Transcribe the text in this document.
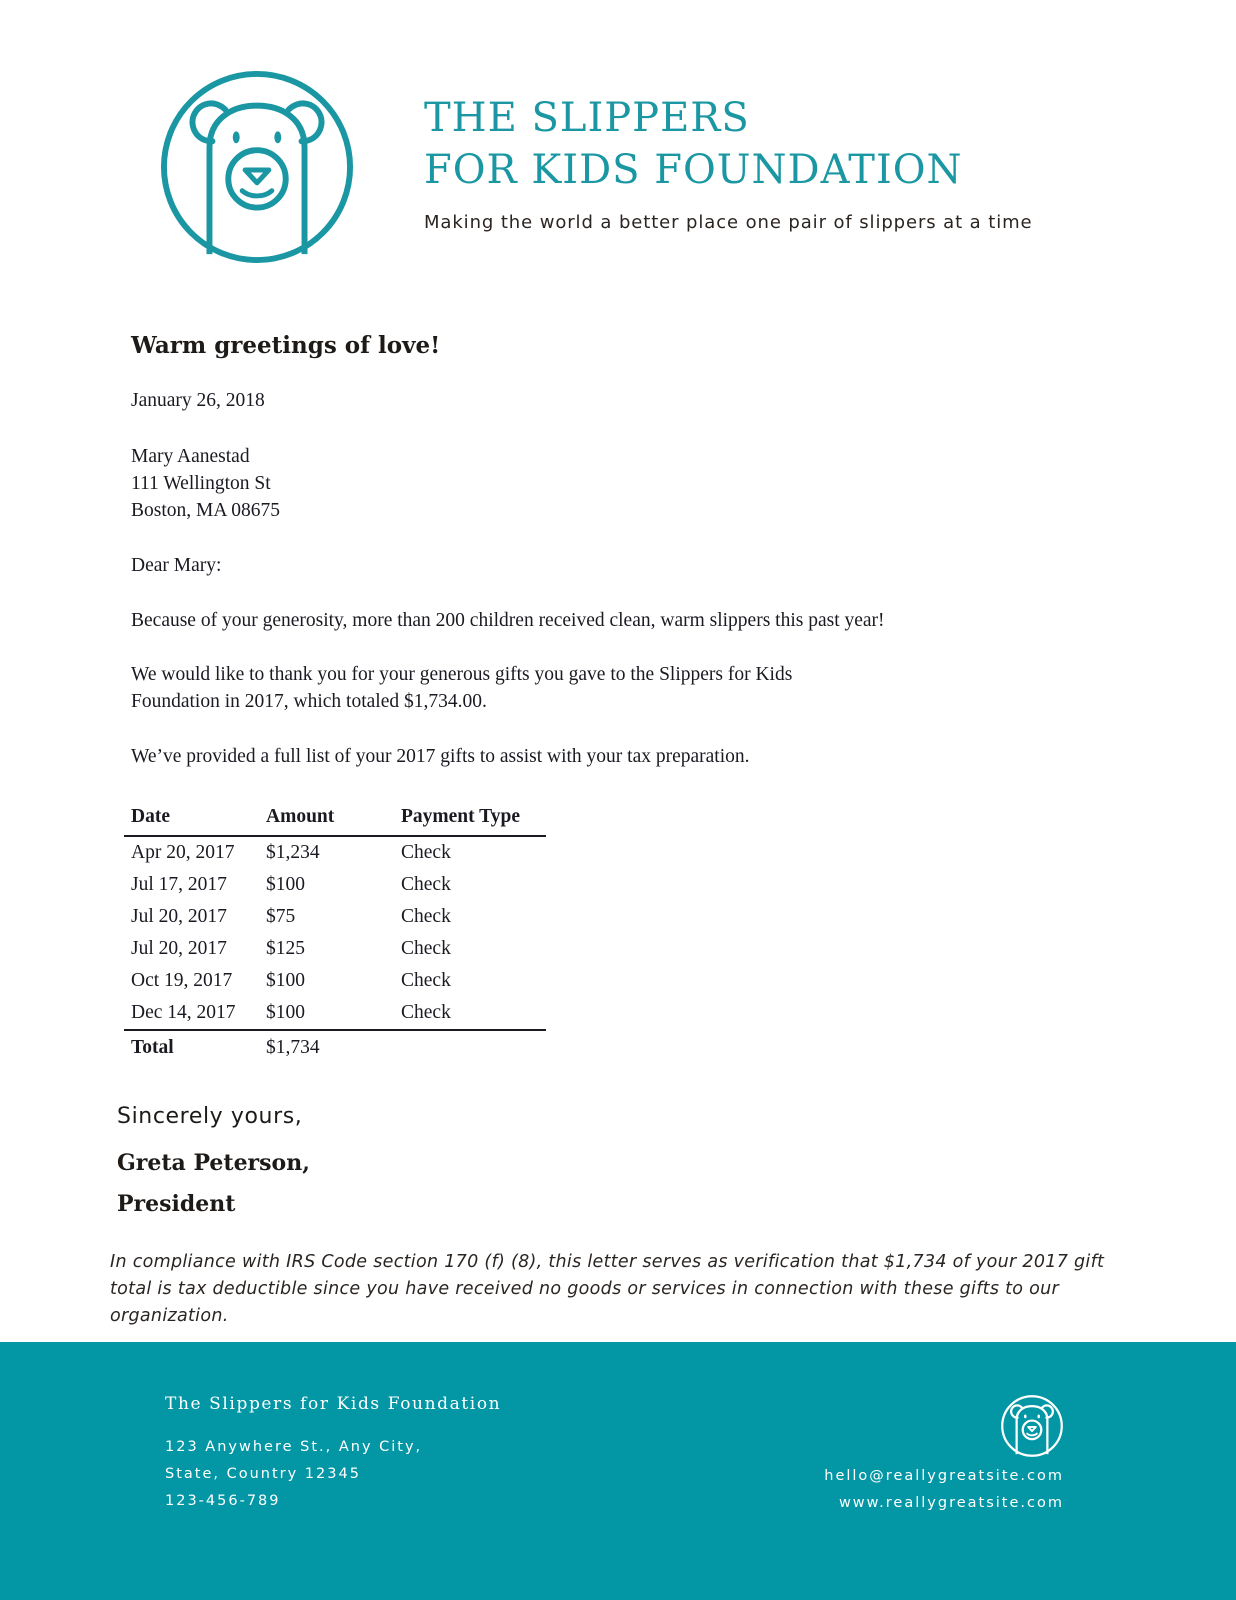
THE SLIPPERS
FOR KIDS FOUNDATION
Making the world a better place one pair of slippers at a time
Warm greetings of love!
January 26, 2018
Mary Aanestad
111 Wellington St
Boston, MA 08675
Dear Mary:
Because of your generosity, more than 200 children received clean, warm slippers this past year!
We would like to thank you for your generous gifts you gave to the Slippers for Kids
Foundation in 2017, which totaled $1,734.00.
We’ve provided a full list of your 2017 gifts to assist with your tax preparation.
Date	Amount	Payment Type
Apr 20, 2017	$1,234	Check
Jul 17, 2017	$100	Check
Jul 20, 2017	$75	Check
Jul 20, 2017	$125	Check
Oct 19, 2017	$100	Check
Dec 14, 2017	$100	Check
Total	$1,734	
Sincerely yours,
Greta Peterson,
President
In compliance with IRS Code section 170 (f) (8), this letter serves as verification that $1,734 of your 2017 gift
total is tax deductible since you have received no goods or services in connection with these gifts to our
organization.
The Slippers for Kids Foundation
123 Anywhere St., Any City,
State, Country 12345
123-456-789
hello@reallygreatsite.com
www.reallygreatsite.com
